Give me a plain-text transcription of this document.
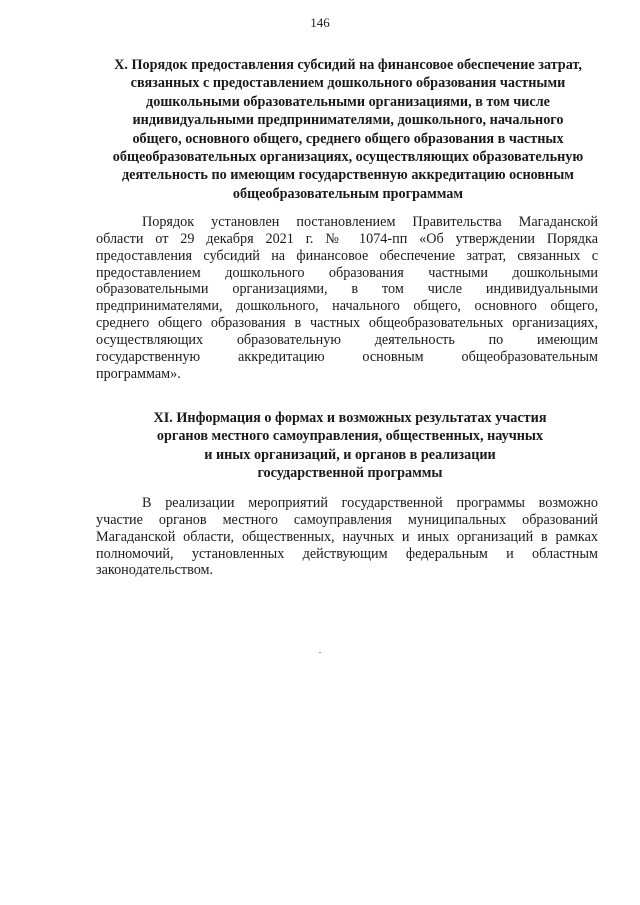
146
X. Порядок предоставления субсидий на финансовое обеспечение затрат,
связанных с предоставлением дошкольного образования частными
дошкольными образовательными организациями, в том числе
индивидуальными предпринимателями, дошкольного, начального
общего, основного общего, среднего общего образования в частных
общеобразовательных организациях, осуществляющих образовательную
деятельность по имеющим государственную аккредитацию основным
общеобразовательным программам
Порядок установлен постановлением Правительства Магаданской
области от 29 декабря 2021 г. № 1074-пп «Об утверждении Порядка
предоставления субсидий на финансовое обеспечение затрат, связанных с
предоставлением дошкольного образования частными дошкольными
образовательными организациями, в том числе индивидуальными
предпринимателями, дошкольного, начального общего, основного общего,
среднего общего образования в частных общеобразовательных организациях,
осуществляющих образовательную деятельность по имеющим
государственную аккредитацию основным общеобразовательным
программам».
XI. Информация о формах и возможных результатах участия
органов местного самоуправления, общественных, научных
и иных организаций, и органов в реализации
государственной программы
В реализации мероприятий государственной программы возможно
участие органов местного самоуправления муниципальных образований
Магаданской области, общественных, научных и иных организаций в рамках
полномочий, установленных действующим федеральным и областным
законодательством.
